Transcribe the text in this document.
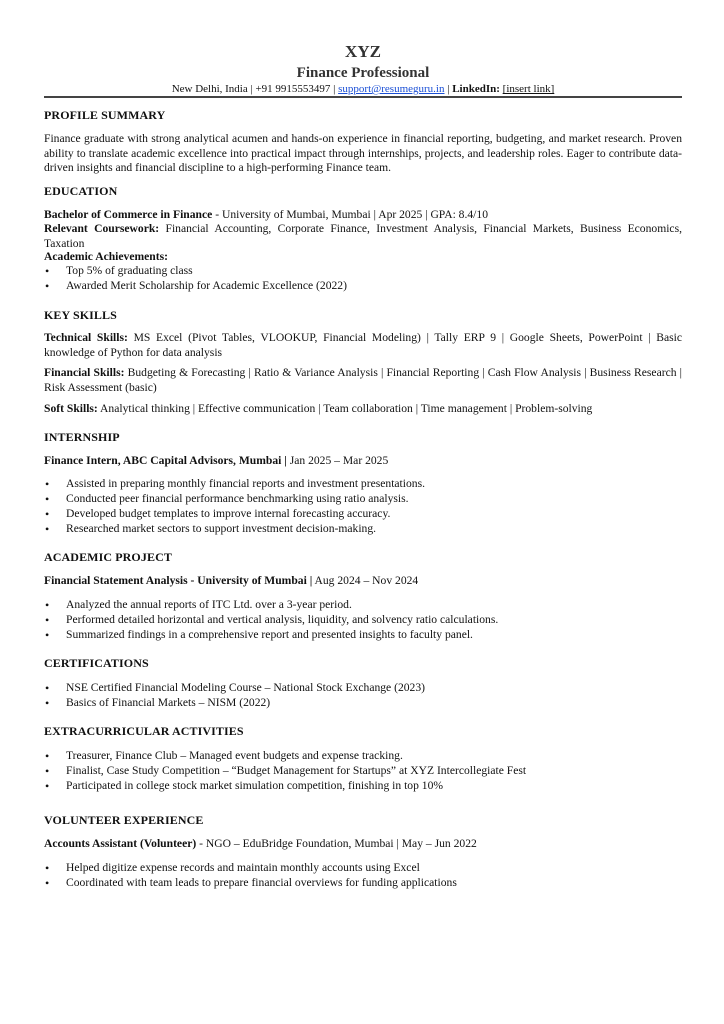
XYZ
Finance Professional
New Delhi, India | +91 9915553497 | support@resumeguru.in | LinkedIn: [insert link]
PROFILE SUMMARY
Finance graduate with strong analytical acumen and hands-on experience in financial reporting, budgeting, and market research. Proven ability to translate academic excellence into practical impact through internships, projects, and leadership roles. Eager to contribute data-driven insights and financial discipline to a high-performing Finance team.
EDUCATION
Bachelor of Commerce in Finance - University of Mumbai, Mumbai | Apr 2025 | GPA: 8.4/10
Relevant Coursework: Financial Accounting, Corporate Finance, Investment Analysis, Financial Markets, Business Economics, Taxation
Academic Achievements:
• Top 5% of graduating class
• Awarded Merit Scholarship for Academic Excellence (2022)
KEY SKILLS
Technical Skills: MS Excel (Pivot Tables, VLOOKUP, Financial Modeling) | Tally ERP 9 | Google Sheets, PowerPoint | Basic knowledge of Python for data analysis
Financial Skills: Budgeting & Forecasting | Ratio & Variance Analysis | Financial Reporting | Cash Flow Analysis | Business Research | Risk Assessment (basic)
Soft Skills: Analytical thinking | Effective communication | Team collaboration | Time management | Problem-solving
INTERNSHIP
Finance Intern, ABC Capital Advisors, Mumbai | Jan 2025 – Mar 2025
• Assisted in preparing monthly financial reports and investment presentations.
• Conducted peer financial performance benchmarking using ratio analysis.
• Developed budget templates to improve internal forecasting accuracy.
• Researched market sectors to support investment decision-making.
ACADEMIC PROJECT
Financial Statement Analysis - University of Mumbai | Aug 2024 – Nov 2024
• Analyzed the annual reports of ITC Ltd. over a 3-year period.
• Performed detailed horizontal and vertical analysis, liquidity, and solvency ratio calculations.
• Summarized findings in a comprehensive report and presented insights to faculty panel.
CERTIFICATIONS
• NSE Certified Financial Modeling Course – National Stock Exchange (2023)
• Basics of Financial Markets – NISM (2022)
EXTRACURRICULAR ACTIVITIES
• Treasurer, Finance Club – Managed event budgets and expense tracking.
• Finalist, Case Study Competition – “Budget Management for Startups” at XYZ Intercollegiate Fest
• Participated in college stock market simulation competition, finishing in top 10%
VOLUNTEER EXPERIENCE
Accounts Assistant (Volunteer) - NGO – EduBridge Foundation, Mumbai | May – Jun 2022
• Helped digitize expense records and maintain monthly accounts using Excel
• Coordinated with team leads to prepare financial overviews for funding applications
